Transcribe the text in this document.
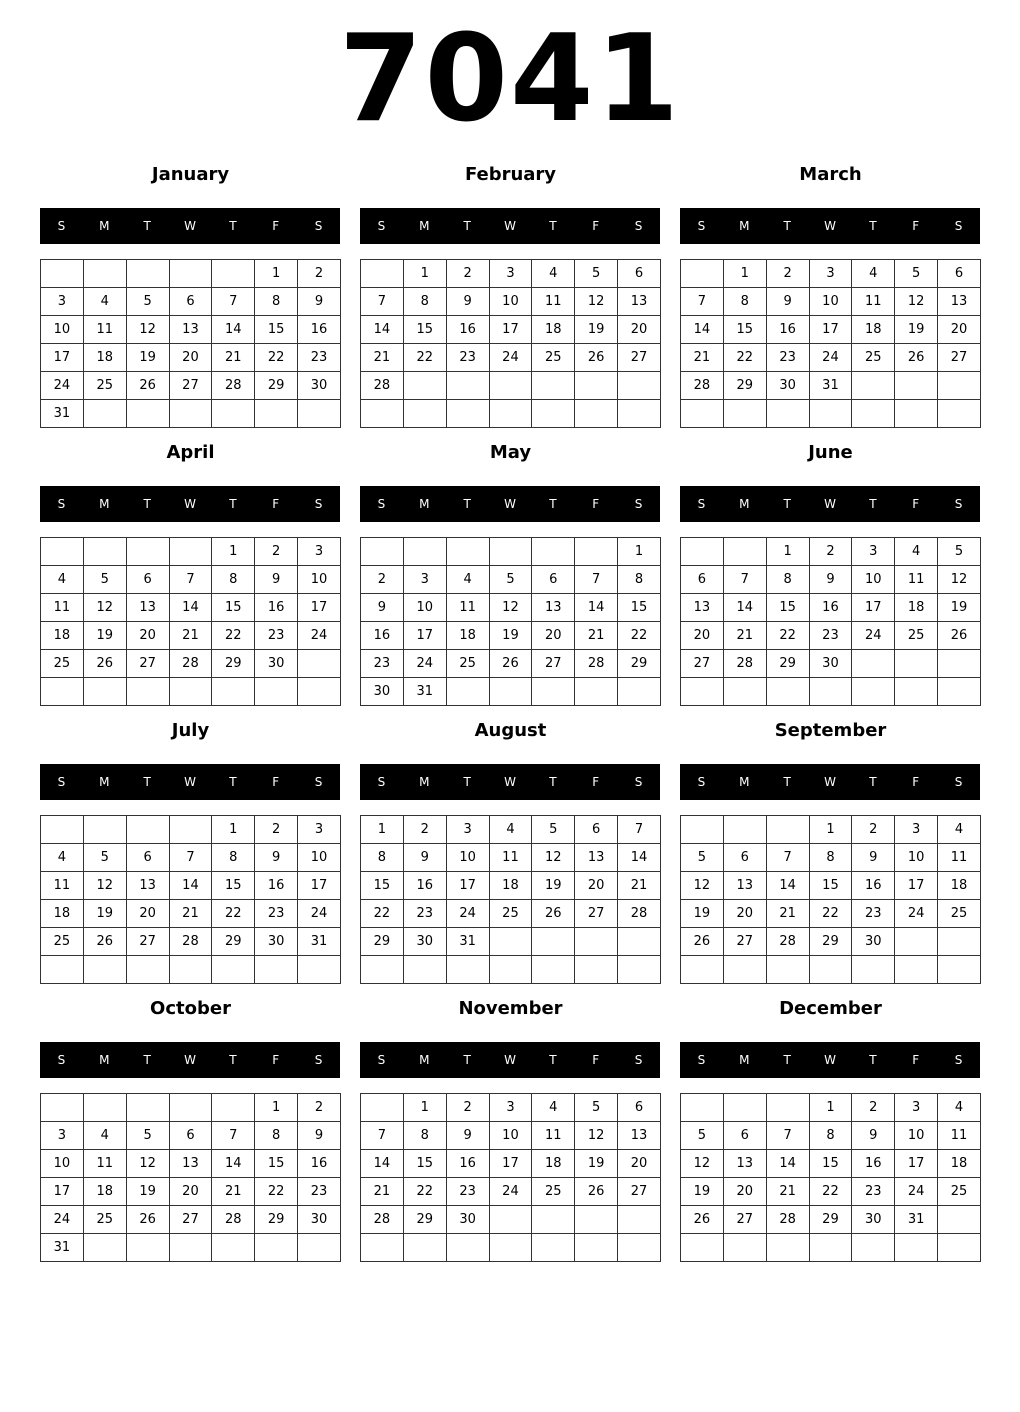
7041
January
S	M	T	W	T	F	S
					1	2
3	4	5	6	7	8	9
10	11	12	13	14	15	16
17	18	19	20	21	22	23
24	25	26	27	28	29	30
31						
February
S	M	T	W	T	F	S
	1	2	3	4	5	6
7	8	9	10	11	12	13
14	15	16	17	18	19	20
21	22	23	24	25	26	27
28						

March
S	M	T	W	T	F	S
	1	2	3	4	5	6
7	8	9	10	11	12	13
14	15	16	17	18	19	20
21	22	23	24	25	26	27
28	29	30	31			

April
S	M	T	W	T	F	S
				1	2	3
4	5	6	7	8	9	10
11	12	13	14	15	16	17
18	19	20	21	22	23	24
25	26	27	28	29	30	

May
S	M	T	W	T	F	S
						1
2	3	4	5	6	7	8
9	10	11	12	13	14	15
16	17	18	19	20	21	22
23	24	25	26	27	28	29
30	31					
June
S	M	T	W	T	F	S
		1	2	3	4	5
6	7	8	9	10	11	12
13	14	15	16	17	18	19
20	21	22	23	24	25	26
27	28	29	30			

July
S	M	T	W	T	F	S
				1	2	3
4	5	6	7	8	9	10
11	12	13	14	15	16	17
18	19	20	21	22	23	24
25	26	27	28	29	30	31

August
S	M	T	W	T	F	S
1	2	3	4	5	6	7
8	9	10	11	12	13	14
15	16	17	18	19	20	21
22	23	24	25	26	27	28
29	30	31				

September
S	M	T	W	T	F	S
			1	2	3	4
5	6	7	8	9	10	11
12	13	14	15	16	17	18
19	20	21	22	23	24	25
26	27	28	29	30		

October
S	M	T	W	T	F	S
					1	2
3	4	5	6	7	8	9
10	11	12	13	14	15	16
17	18	19	20	21	22	23
24	25	26	27	28	29	30
31						
November
S	M	T	W	T	F	S
	1	2	3	4	5	6
7	8	9	10	11	12	13
14	15	16	17	18	19	20
21	22	23	24	25	26	27
28	29	30				

December
S	M	T	W	T	F	S
			1	2	3	4
5	6	7	8	9	10	11
12	13	14	15	16	17	18
19	20	21	22	23	24	25
26	27	28	29	30	31	
